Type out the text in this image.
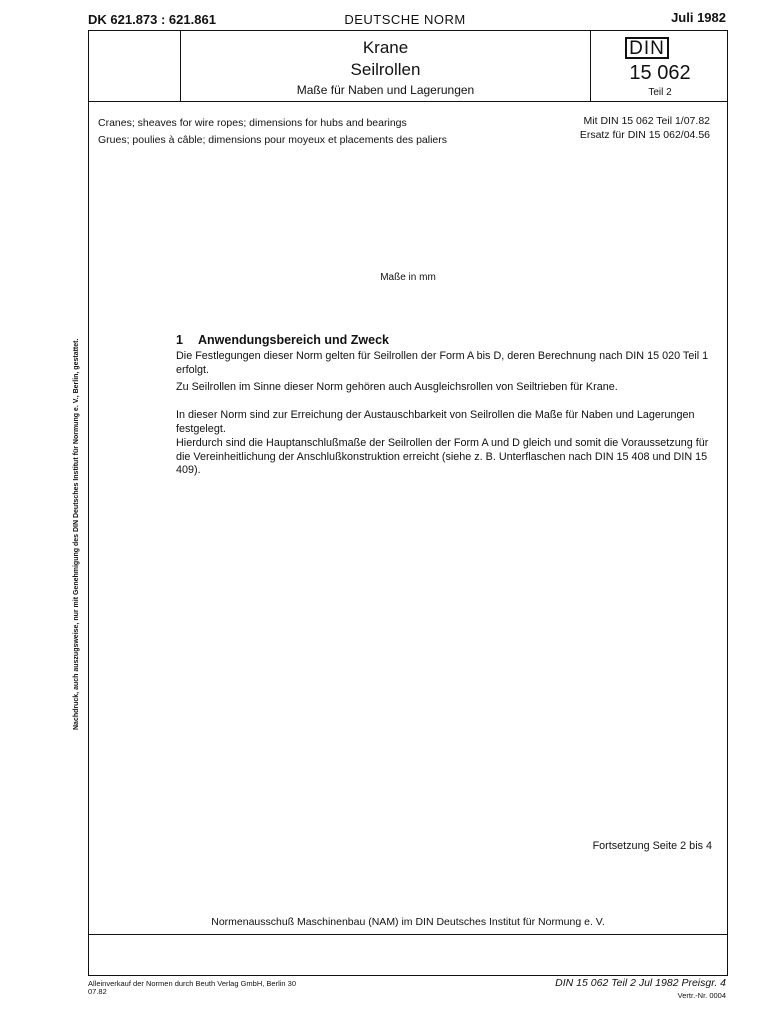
DK 621.873 : 621.861	DEUTSCHE NORM	Juli 1982
Krane
Seilrollen
Maße für Naben und Lagerungen
DIN
15 062
Teil 2
Cranes; sheaves for wire ropes; dimensions for hubs and bearings
Grues; poulies à câble; dimensions pour moyeux et placements des paliers
Mit DIN 15 062 Teil 1/07.82
Ersatz für DIN 15 062/04.56
Maße in mm
1 Anwendungsbereich und Zweck
Die Festlegungen dieser Norm gelten für Seilrollen der Form A bis D, deren Berechnung nach DIN 15 020 Teil 1 erfolgt.
Zu Seilrollen im Sinne dieser Norm gehören auch Ausgleichsrollen von Seiltrieben für Krane.
In dieser Norm sind zur Erreichung der Austauschbarkeit von Seilrollen die Maße für Naben und Lagerungen festgelegt.
Hierdurch sind die Hauptanschlußmaße der Seilrollen der Form A und D gleich und somit die Voraussetzung für die Vereinheitlichung der Anschlußkonstruktion erreicht (siehe z. B. Unterflaschen nach DIN 15 408 und DIN 15 409).
Fortsetzung Seite 2 bis 4
Normenausschuß Maschinenbau (NAM) im DIN Deutsches Institut für Normung e. V.
Nachdruck, auch auszugsweise, nur mit Genehmigung des DIN Deutsches Institut für Normung e. V., Berlin, gestattet.
Alleinverkauf der Normen durch Beuth Verlag GmbH, Berlin 30
07.82
DIN 15 062 Teil 2 Jul 1982 Preisgr. 4
Vertr.-Nr. 0004
